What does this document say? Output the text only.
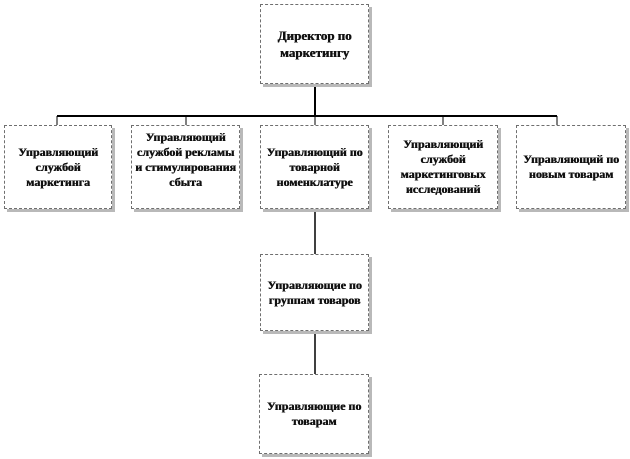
Директор по маркетингу
Управляющий службой маркетинга
Управляющий службой рекламы и стимулирования сбыта
Управляющий по товарной номенклатуре
Управляющий службой маркетинговых исследований
Управляющий по новым товарам
Управляющие по группам товаров
Управляющие по товарам
